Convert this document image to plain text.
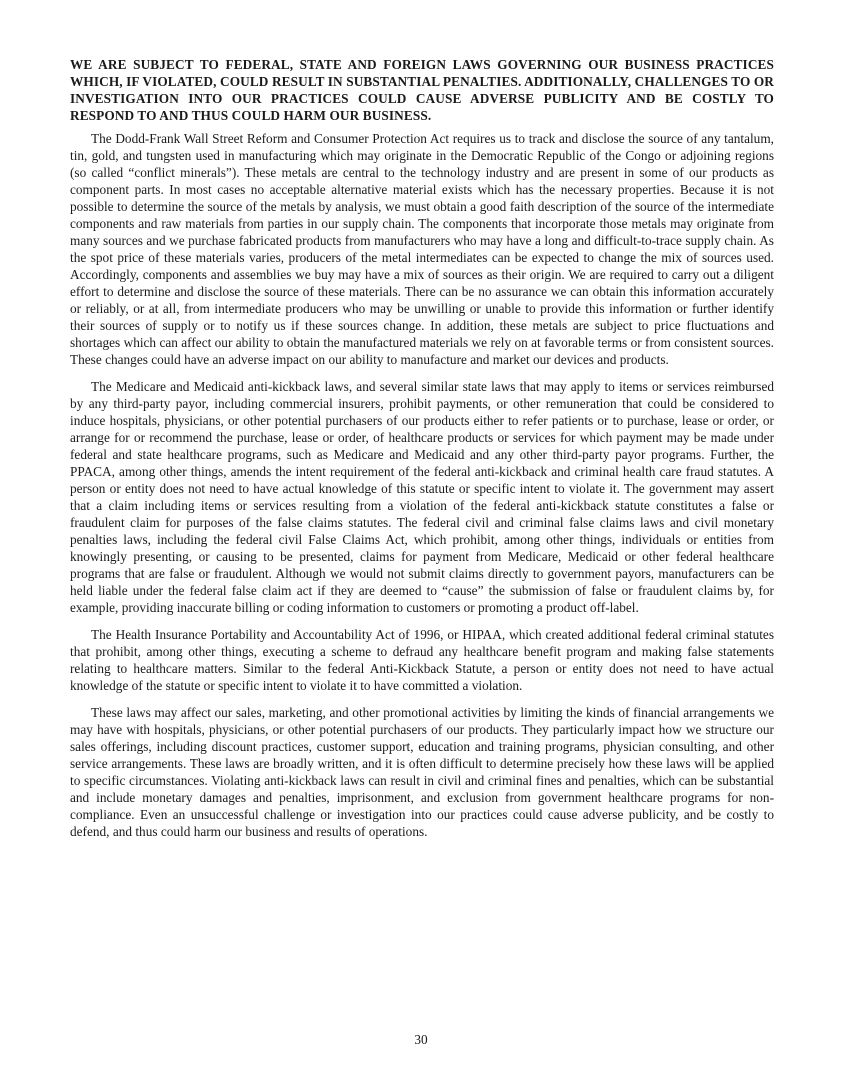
WE ARE SUBJECT TO FEDERAL, STATE AND FOREIGN LAWS GOVERNING OUR BUSINESS PRACTICES WHICH, IF VIOLATED, COULD RESULT IN SUBSTANTIAL PENALTIES. ADDITIONALLY, CHALLENGES TO OR INVESTIGATION INTO OUR PRACTICES COULD CAUSE ADVERSE PUBLICITY AND BE COSTLY TO RESPOND TO AND THUS COULD HARM OUR BUSINESS.

The Dodd-Frank Wall Street Reform and Consumer Protection Act requires us to track and disclose the source of any tantalum, tin, gold, and tungsten used in manufacturing which may originate in the Democratic Republic of the Congo or adjoining regions (so called “conflict minerals”). These metals are central to the technology industry and are present in some of our products as component parts. In most cases no acceptable alternative material exists which has the necessary properties. Because it is not possible to determine the source of the metals by analysis, we must obtain a good faith description of the source of the intermediate components and raw materials from parties in our supply chain. The components that incorporate those metals may originate from many sources and we purchase fabricated products from manufacturers who may have a long and difficult-to-trace supply chain. As the spot price of these materials varies, producers of the metal intermediates can be expected to change the mix of sources used. Accordingly, components and assemblies we buy may have a mix of sources as their origin. We are required to carry out a diligent effort to determine and disclose the source of these materials. There can be no assurance we can obtain this information accurately or reliably, or at all, from intermediate producers who may be unwilling or unable to provide this information or further identify their sources of supply or to notify us if these sources change. In addition, these metals are subject to price fluctuations and shortages which can affect our ability to obtain the manufactured materials we rely on at favorable terms or from consistent sources. These changes could have an adverse impact on our ability to manufacture and market our devices and products.

The Medicare and Medicaid anti-kickback laws, and several similar state laws that may apply to items or services reimbursed by any third-party payor, including commercial insurers, prohibit payments, or other remuneration that could be considered to induce hospitals, physicians, or other potential purchasers of our products either to refer patients or to purchase, lease or order, or arrange for or recommend the purchase, lease or order, of healthcare products or services for which payment may be made under federal and state healthcare programs, such as Medicare and Medicaid and any other third-party payor programs. Further, the PPACA, among other things, amends the intent requirement of the federal anti-kickback and criminal health care fraud statutes. A person or entity does not need to have actual knowledge of this statute or specific intent to violate it. The government may assert that a claim including items or services resulting from a violation of the federal anti-kickback statute constitutes a false or fraudulent claim for purposes of the false claims statutes. The federal civil and criminal false claims laws and civil monetary penalties laws, including the federal civil False Claims Act, which prohibit, among other things, individuals or entities from knowingly presenting, or causing to be presented, claims for payment from Medicare, Medicaid or other federal healthcare programs that are false or fraudulent. Although we would not submit claims directly to government payors, manufacturers can be held liable under the federal false claim act if they are deemed to “cause” the submission of false or fraudulent claims by, for example, providing inaccurate billing or coding information to customers or promoting a product off-label.

The Health Insurance Portability and Accountability Act of 1996, or HIPAA, which created additional federal criminal statutes that prohibit, among other things, executing a scheme to defraud any healthcare benefit program and making false statements relating to healthcare matters. Similar to the federal Anti-Kickback Statute, a person or entity does not need to have actual knowledge of the statute or specific intent to violate it to have committed a violation.

These laws may affect our sales, marketing, and other promotional activities by limiting the kinds of financial arrangements we may have with hospitals, physicians, or other potential purchasers of our products. They particularly impact how we structure our sales offerings, including discount practices, customer support, education and training programs, physician consulting, and other service arrangements. These laws are broadly written, and it is often difficult to determine precisely how these laws will be applied to specific circumstances. Violating anti-kickback laws can result in civil and criminal fines and penalties, which can be substantial and include monetary damages and penalties, imprisonment, and exclusion from government healthcare programs for non-compliance. Even an unsuccessful challenge or investigation into our practices could cause adverse publicity, and be costly to defend, and thus could harm our business and results of operations.

30
